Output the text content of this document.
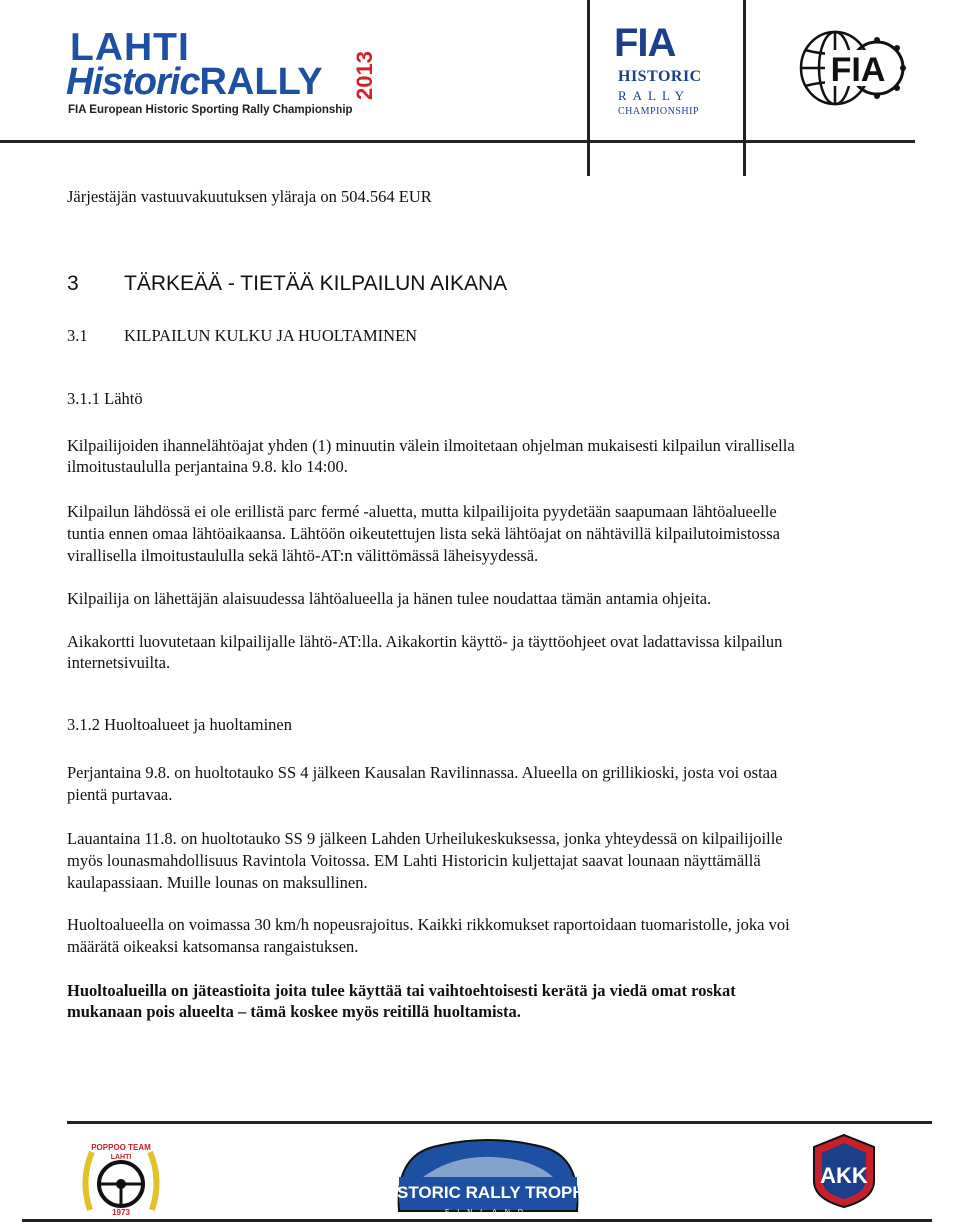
LAHTI
HistoricRALLY 2013
FIA European Historic Sporting Rally Championship
FIA
HISTORIC
RALLY
CHAMPIONSHIP
FIA
Järjestäjän vastuuvakuutuksen yläraja on 504.564 EUR
3 TÄRKEÄÄ - TIETÄÄ KILPAILUN AIKANA
3.1 KILPAILUN KULKU JA HUOLTAMINEN
3.1.1 Lähtö
Kilpailijoiden ihannelähtöajat yhden (1) minuutin välein ilmoitetaan ohjelman mukaisesti kilpailun virallisella
ilmoitustaululla perjantaina 9.8. klo 14:00.
Kilpailun lähdössä ei ole erillistä parc fermé -aluetta, mutta kilpailijoita pyydetään saapumaan lähtöalueelle
tuntia ennen omaa lähtöaikaansa. Lähtöön oikeutettujen lista sekä lähtöajat on nähtävillä kilpailutoimistossa
virallisella ilmoitustaululla sekä lähtö-AT:n välittömässä läheisyydessä.
Kilpailija on lähettäjän alaisuudessa lähtöalueella ja hänen tulee noudattaa tämän antamia ohjeita.
Aikakortti luovutetaan kilpailijalle lähtö-AT:lla. Aikakortin käyttö- ja täyttöohjeet ovat ladattavissa kilpailun
internetsivuilta.
3.1.2 Huoltoalueet ja huoltaminen
Perjantaina 9.8. on huoltotauko SS 4 jälkeen Kausalan Ravilinnassa. Alueella on grillikioski, josta voi ostaa
pientä purtavaa.
Lauantaina 11.8. on huoltotauko SS 9 jälkeen Lahden Urheilukeskuksessa, jonka yhteydessä on kilpailijoille
myös lounasmahdollisuus Ravintola Voitossa. EM Lahti Historicin kuljettajat saavat lounaan näyttämällä
kaulapassiaan. Muille lounas on maksullinen.
Huoltoalueella on voimassa 30 km/h nopeusrajoitus. Kaikki rikkomukset raportoidaan tuomaristolle, joka voi
määrätä oikeaksi katsomansa rangaistuksen.
Huoltoalueilla on jäteastioita joita tulee käyttää tai vaihtoehtoisesti kerätä ja viedä omat roskat
mukanaan pois alueelta – tämä koskee myös reitillä huoltamista.
POPPOO TEAM
LAHTI
1973
HISTORIC RALLY TROPHY
FINLAND
AKK
